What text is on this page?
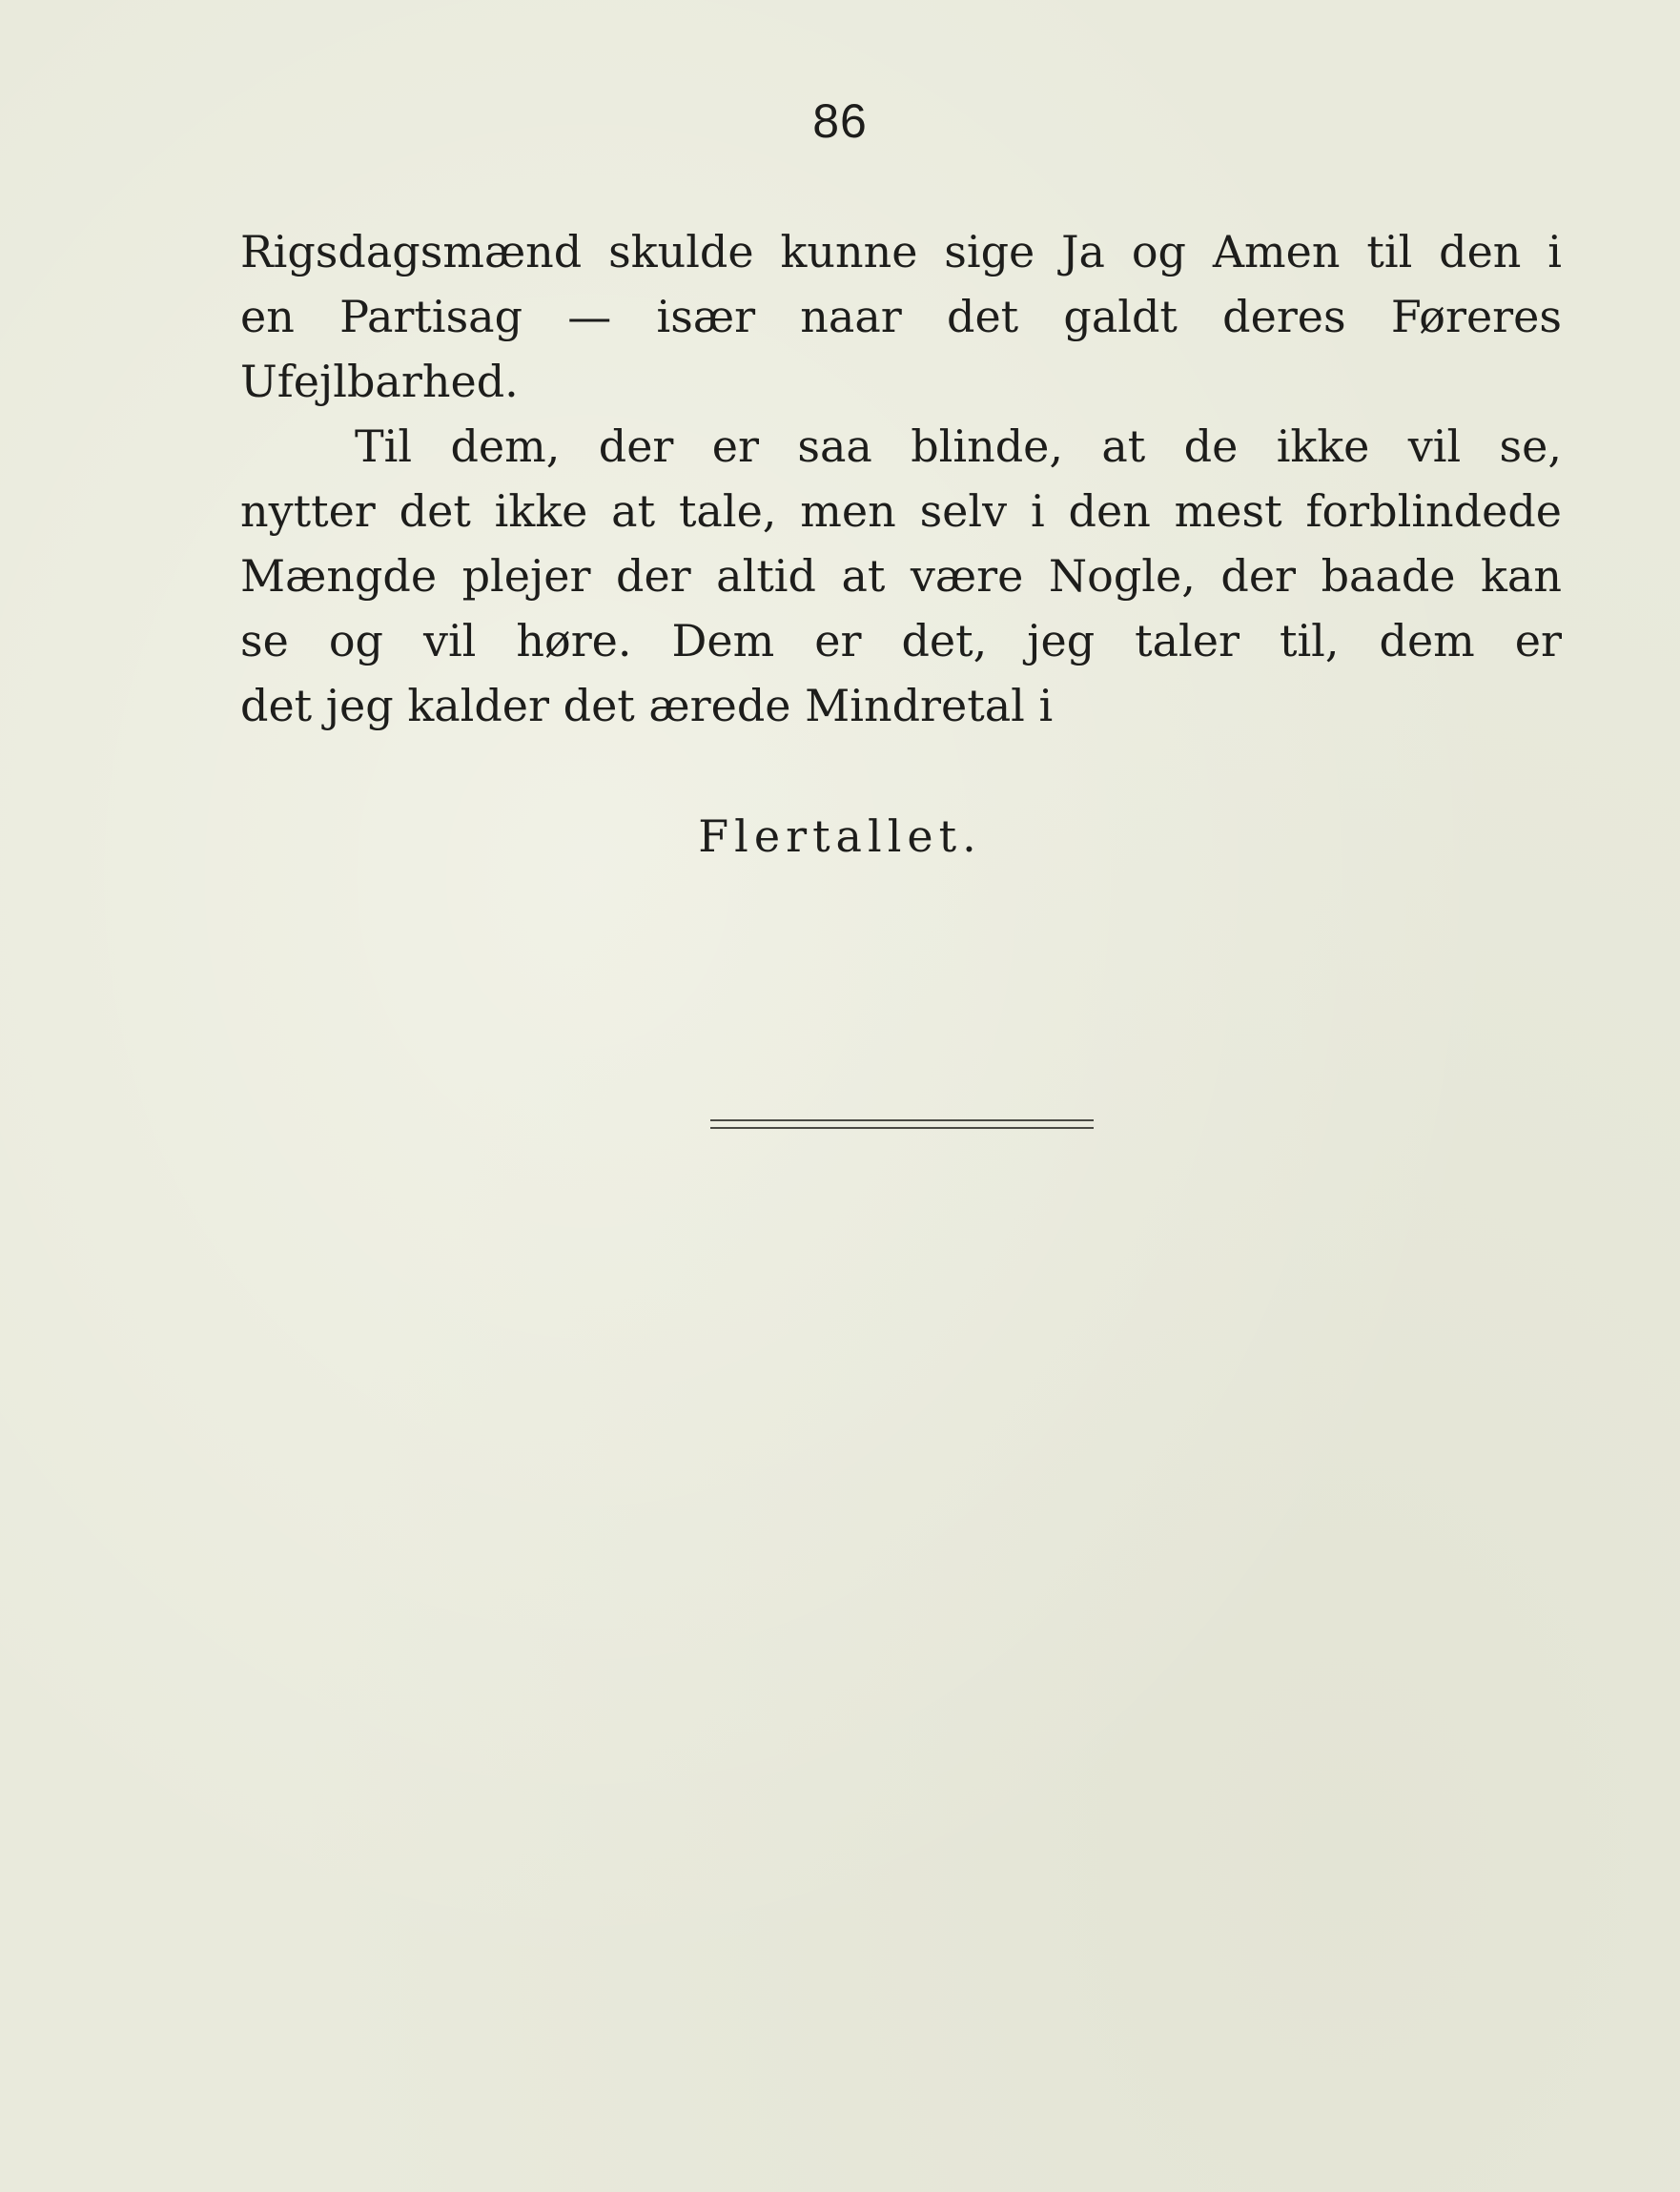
86
Rigsdagsmænd skulde kunne sige Ja og Amen til den i
en Partisag — især naar det galdt deres Føreres
Ufejlbarhed.
Til dem, der er saa blinde, at de ikke vil se,
nytter det ikke at tale, men selv i den mest forblindede
Mængde plejer der altid at være Nogle, der baade kan
se og vil høre. Dem er det, jeg taler til, dem er
det jeg kalder det ærede Mindretal i
Flertallet.
